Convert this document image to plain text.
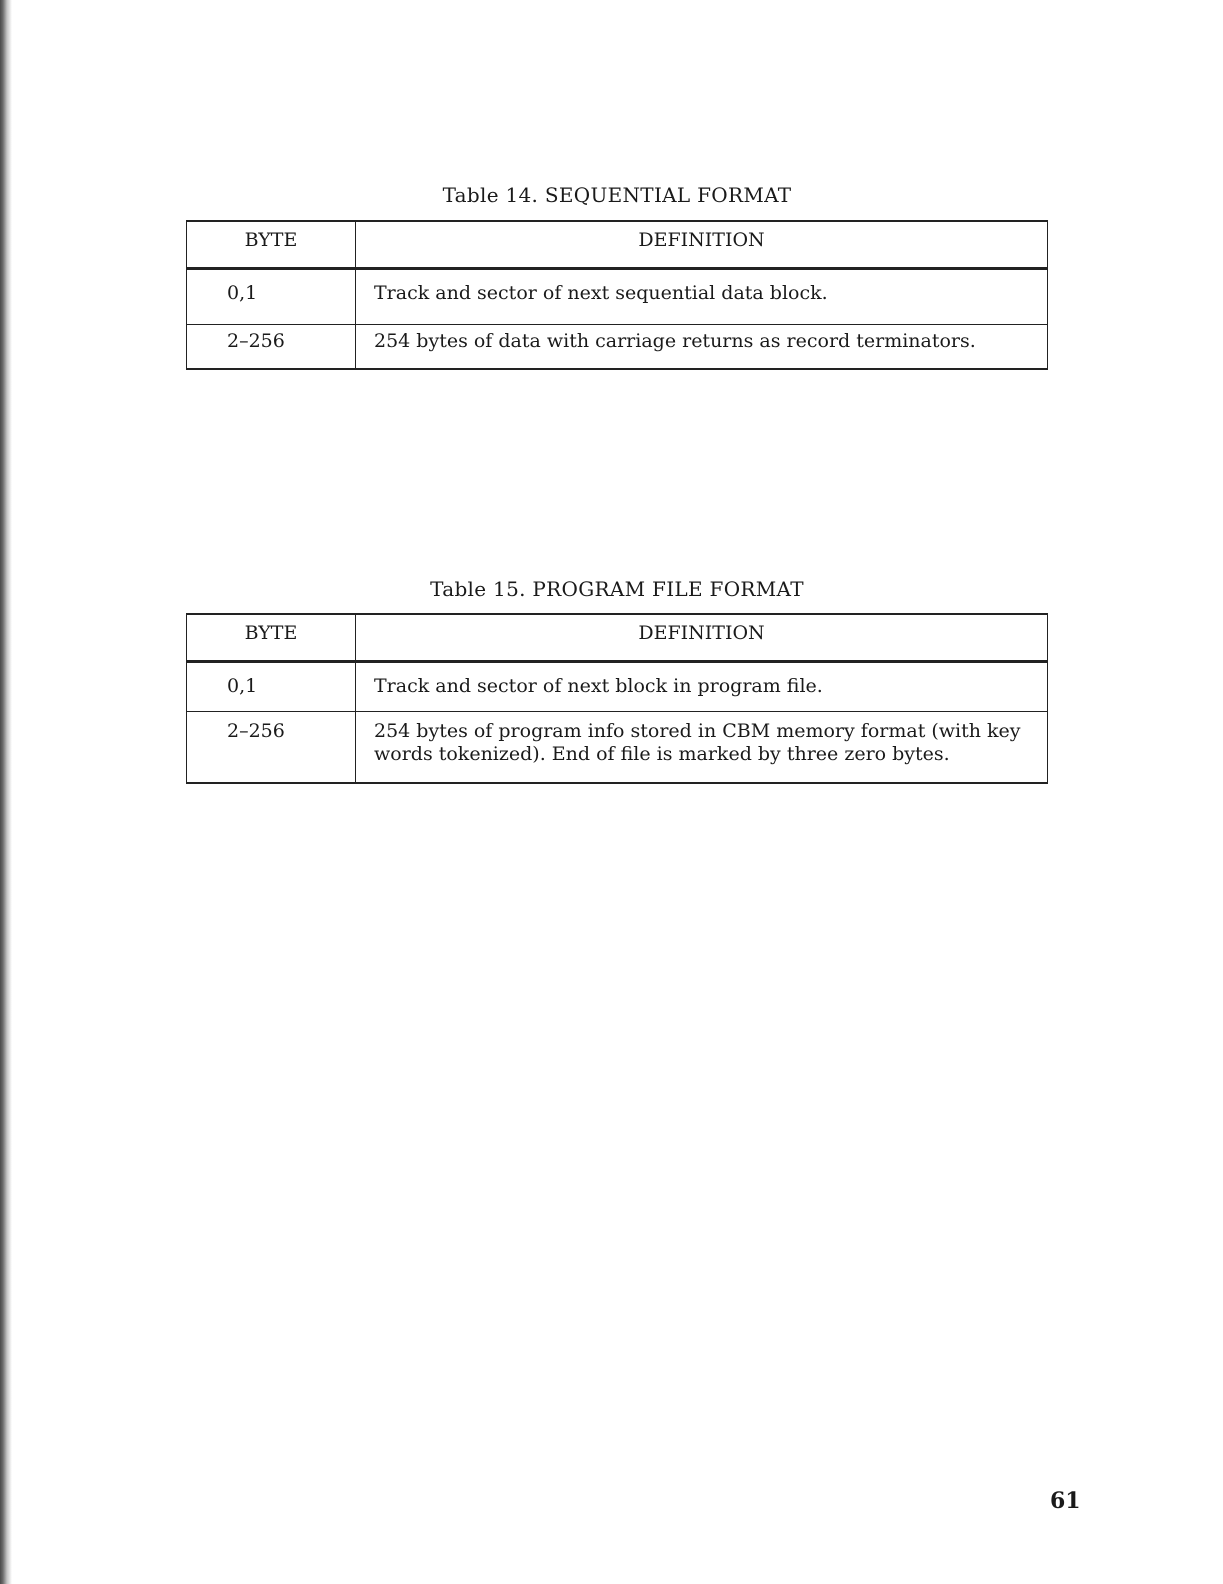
Table 14. SEQUENTIAL FORMAT
BYTE	DEFINITION
0,1	Track and sector of next sequential data block.
2–256	254 bytes of data with carriage returns as record terminators.
Table 15. PROGRAM FILE FORMAT
BYTE	DEFINITION
0,1	Track and sector of next block in program file.
2–256	254 bytes of program info stored in CBM memory format (with key words tokenized). End of file is marked by three zero bytes.
61
